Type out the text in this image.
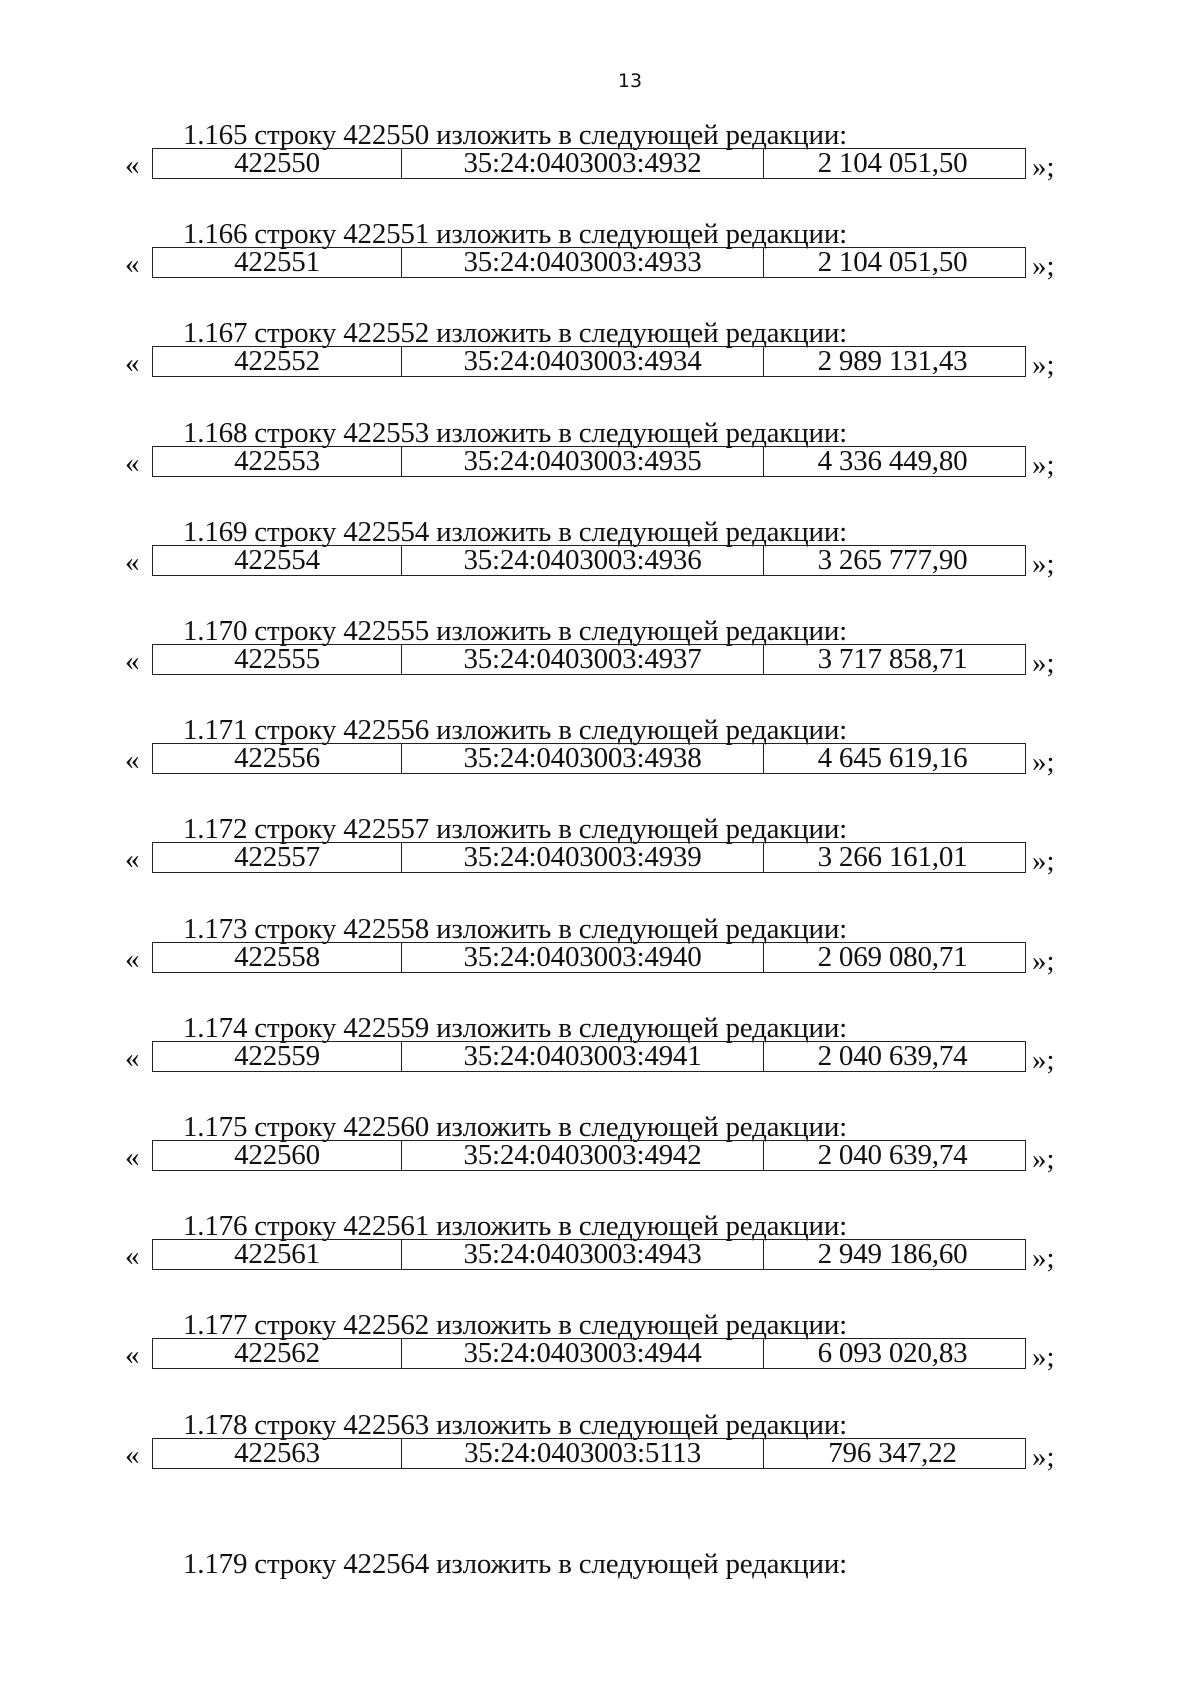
13
1.165 строку 422550 изложить в следующей редакции:
«	422550	35:24:0403003:4932	2 104 051,50 »;
1.166 строку 422551 изложить в следующей редакции:
«	422551	35:24:0403003:4933	2 104 051,50 »;
1.167 строку 422552 изложить в следующей редакции:
«	422552	35:24:0403003:4934	2 989 131,43 »;
1.168 строку 422553 изложить в следующей редакции:
«	422553	35:24:0403003:4935	4 336 449,80 »;
1.169 строку 422554 изложить в следующей редакции:
«	422554	35:24:0403003:4936	3 265 777,90 »;
1.170 строку 422555 изложить в следующей редакции:
«	422555	35:24:0403003:4937	3 717 858,71 »;
1.171 строку 422556 изложить в следующей редакции:
«	422556	35:24:0403003:4938	4 645 619,16 »;
1.172 строку 422557 изложить в следующей редакции:
«	422557	35:24:0403003:4939	3 266 161,01 »;
1.173 строку 422558 изложить в следующей редакции:
«	422558	35:24:0403003:4940	2 069 080,71 »;
1.174 строку 422559 изложить в следующей редакции:
«	422559	35:24:0403003:4941	2 040 639,74 »;
1.175 строку 422560 изложить в следующей редакции:
«	422560	35:24:0403003:4942	2 040 639,74 »;
1.176 строку 422561 изложить в следующей редакции:
«	422561	35:24:0403003:4943	2 949 186,60 »;
1.177 строку 422562 изложить в следующей редакции:
«	422562	35:24:0403003:4944	6 093 020,83 »;
1.178 строку 422563 изложить в следующей редакции:
«	422563	35:24:0403003:5113	796 347,22	»;
1.179 строку 422564 изложить в следующей редакции:
